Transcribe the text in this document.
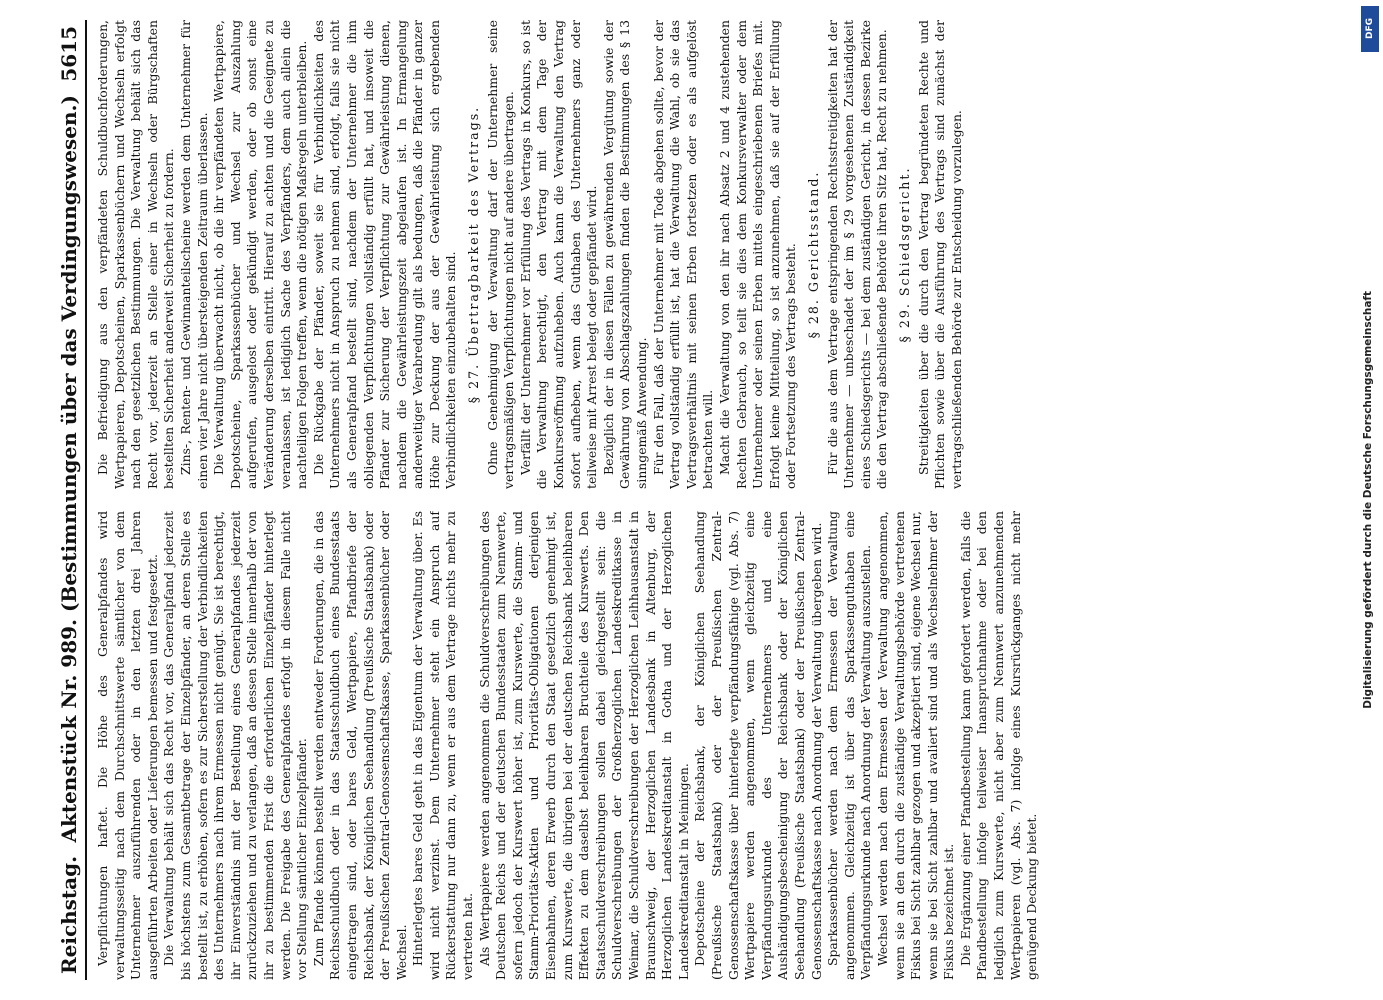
Reichstag.
Aktenstück Nr. 989. (Bestimmungen über das Verdingungswesen.)
5615

Verpflichtungen haftet. Die Höhe des Generalpfandes wird verwaltungsseitig nach dem Durchschnittswerte sämtlicher von dem Unternehmer auszuführenden oder in den letzten drei Jahren ausgeführten Arbeiten oder Lieferungen bemessen und festgesetzt. Die Verwaltung behält sich das Recht vor, das Generalpfand jederzeit bis höchstens zum Gesamtbetrage der Einzelpfänder, an deren Stelle es bestellt ist, zu erhöhen, sofern es zur Sicherstellung der Verbindlichkeiten des Unternehmers nach ihrem Ermessen nicht genügt. Sie ist berechtigt, ihr Einverständnis mit der Bestellung eines Generalpfandes jederzeit zurückzuziehen und zu verlangen, daß an dessen Stelle innerhalb der von ihr zu bestimmenden Frist die erforderlichen Einzelpfänder hinterlegt werden. Die Freigabe des Generalpfandes erfolgt in diesem Falle nicht vor Stellung sämtlicher Einzelpfänder. Zum Pfande können bestellt werden entweder Forderungen, die in das Reichsschuldbuch oder in das Staatsschuldbuch eines Bundesstaats eingetragen sind, oder bares Geld, Wertpapiere, Pfandbriefe der Reichsbank, der Königlichen Seehandlung (Preußische Staatsbank) oder der Preußischen Zentral-Genossenschaftskasse, Sparkassenbücher oder Wechsel. Hinterlegtes bares Geld geht in das Eigentum der Verwaltung über. Es wird nicht verzinst. Dem Unternehmer steht ein Anspruch auf Rückerstattung nur dann zu, wenn er aus dem Vertrage nichts mehr zu vertreten hat. Als Wertpapiere werden angenommen die Schuldverschreibungen des Deutschen Reichs und der deutschen Bundesstaaten zum Nennwerte, sofern jedoch der Kurswert höher ist, zum Kurswerte, die Stamm- und Stamm-Prioritäts-Aktien und Prioritäts-Obligationen derjenigen Eisenbahnen, deren Erwerb durch den Staat gesetzlich genehmigt ist, zum Kurswerte, die übrigen bei der deutschen Reichsbank beleihbaren Effekten zu dem daselbst beleihbaren Bruchteile des Kurswerts. Den Staatsschuldverschreibungen sollen dabei gleichgestellt sein: die Schuldverschreibungen der Großherzoglichen Landeskreditkasse in Weimar, die Schuldverschreibungen der Herzoglichen Leihhausanstalt in Braunschweig, der Herzoglichen Landesbank in Altenburg, der Herzoglichen Landeskreditanstalt in Gotha und der Herzoglichen Landeskreditanstalt in Meiningen. Depotscheine der Reichsbank, der Königlichen Seehandlung (Preußische Staatsbank) oder der Preußischen Zentral-Genossenschaftskasse über hinterlegte verpfändungsfähige (vgl. Abs. 7) Wertpapiere werden angenommen, wenn gleichzeitig eine Verpfändungsurkunde des Unternehmers und eine Aushändigungsbescheinigung der Reichsbank oder der Königlichen Seehandlung (Preußische Staatsbank) oder der Preußischen Zentral-Genossenschaftskasse nach Anordnung der Verwaltung übergeben wird. Sparkassenbücher werden nach dem Ermessen der Verwaltung angenommen. Gleichzeitig ist über das Sparkassenguthaben eine Verpfändungsurkunde nach Anordnung der Verwaltung auszustellen. Wechsel werden nach dem Ermessen der Verwaltung angenommen, wenn sie an den durch die zuständige Verwaltungsbehörde vertretenen Fiskus bei Sicht zahlbar gezogen und akzeptiert sind, eigene Wechsel nur, wenn sie bei Sicht zahlbar und avaliert sind und als Wechselnehmer der Fiskus bezeichnet ist. Die Ergänzung einer Pfandbestellung kann gefordert werden, falls die Pfandbestellung infolge teilweiser Inanspruchnahme oder bei den lediglich zum Kurswerte, nicht aber zum Nennwert anzunehmenden Wertpapieren (vgl. Abs. 7) infolge eines Kursrückganges nicht mehr genügend Deckung bietet.

Die Befriedigung aus den verpfändeten Schuldbuchforderungen, Wertpapieren, Depotscheinen, Sparkassenbüchern und Wechseln erfolgt nach den gesetzlichen Bestimmungen. Die Verwaltung behält sich das Recht vor, jederzeit an Stelle einer in Wechseln oder Bürgschaften bestellten Sicherheit anderweit Sicherheit zu fordern. Zins-, Renten- und Gewinnanteilscheine werden dem Unternehmer für einen vier Jahre nicht übersteigenden Zeitraum überlassen. Die Verwaltung überwacht nicht, ob die ihr verpfändeten Wertpapiere, Depotscheine, Sparkassenbücher und Wechsel zur Auszahlung aufgerufen, ausgelost oder gekündigt werden, oder ob sonst eine Veränderung derselben eintritt. Hierauf zu achten und die Geeignete zu veranlassen, ist lediglich Sache des Verpfänders, dem auch allein die nachteiligen Folgen treffen, wenn die nötigen Maßregeln unterbleiben. Die Rückgabe der Pfänder, soweit sie für Verbindlichkeiten des Unternehmers nicht in Anspruch zu nehmen sind, erfolgt, falls sie nicht als Generalpfand bestellt sind, nachdem der Unternehmer die ihm obliegenden Verpflichtungen vollständig erfüllt hat, und insoweit die Pfänder zur Sicherung der Verpflichtung zur Gewährleistung dienen, nachdem die Gewährleistungszeit abgelaufen ist. In Ermangelung anderweitiger Verabredung gilt als bedungen, daß die Pfänder in ganzer Höhe zur Deckung der aus der Gewährleistung sich ergebenden Verbindlichkeiten einzubehalten sind. § 27. Übertragbarkeit des Vertrags. Ohne Genehmigung der Verwaltung darf der Unternehmer seine vertragsmäßigen Verpflichtungen nicht auf andere übertragen. Verfällt der Unternehmer vor Erfüllung des Vertrags in Konkurs, so ist die Verwaltung berechtigt, den Vertrag mit dem Tage der Konkurseröffnung aufzuheben. Auch kann die Verwaltung den Vertrag sofort aufheben, wenn das Guthaben des Unternehmers ganz oder teilweise mit Arrest belegt oder gepfändet wird. Bezüglich der in diesen Fällen zu gewährenden Vergütung sowie der Gewährung von Abschlagszahlungen finden die Bestimmungen des § 13 sinngemäß Anwendung. Für den Fall, daß der Unternehmer mit Tode abgehen sollte, bevor der Vertrag vollständig erfüllt ist, hat die Verwaltung die Wahl, ob sie das Vertragsverhältnis mit seinen Erben fortsetzen oder es als aufgelöst betrachten will. Macht die Verwaltung von den ihr nach Absatz 2 und 4 zustehenden Rechten Gebrauch, so teilt sie dies dem Konkursverwalter oder dem Unternehmer oder seinen Erben mittels eingeschriebenen Briefes mit. Erfolgt keine Mitteilung, so ist anzunehmen, daß sie auf der Erfüllung oder Fortsetzung des Vertrags besteht. § 28. Gerichtsstand. Für die aus dem Vertrage entspringenden Rechtsstreitigkeiten hat der Unternehmer — unbeschadet der im § 29 vorgesehenen Zuständigkeit eines Schiedsgerichts — bei dem zuständigen Gericht, in dessen Bezirke die den Vertrag abschließende Behörde ihren Sitz hat, Recht zu nehmen. § 29. Schiedsgericht. Streitigkeiten über die durch den Vertrag begründeten Rechte und Pflichten sowie über die Ausführung des Vertrags sind zunächst der vertragschließenden Behörde zur Entscheidung vorzulegen.

DFG
Digitalisierung gefördert durch die Deutsche Forschungsgemeinschaft
